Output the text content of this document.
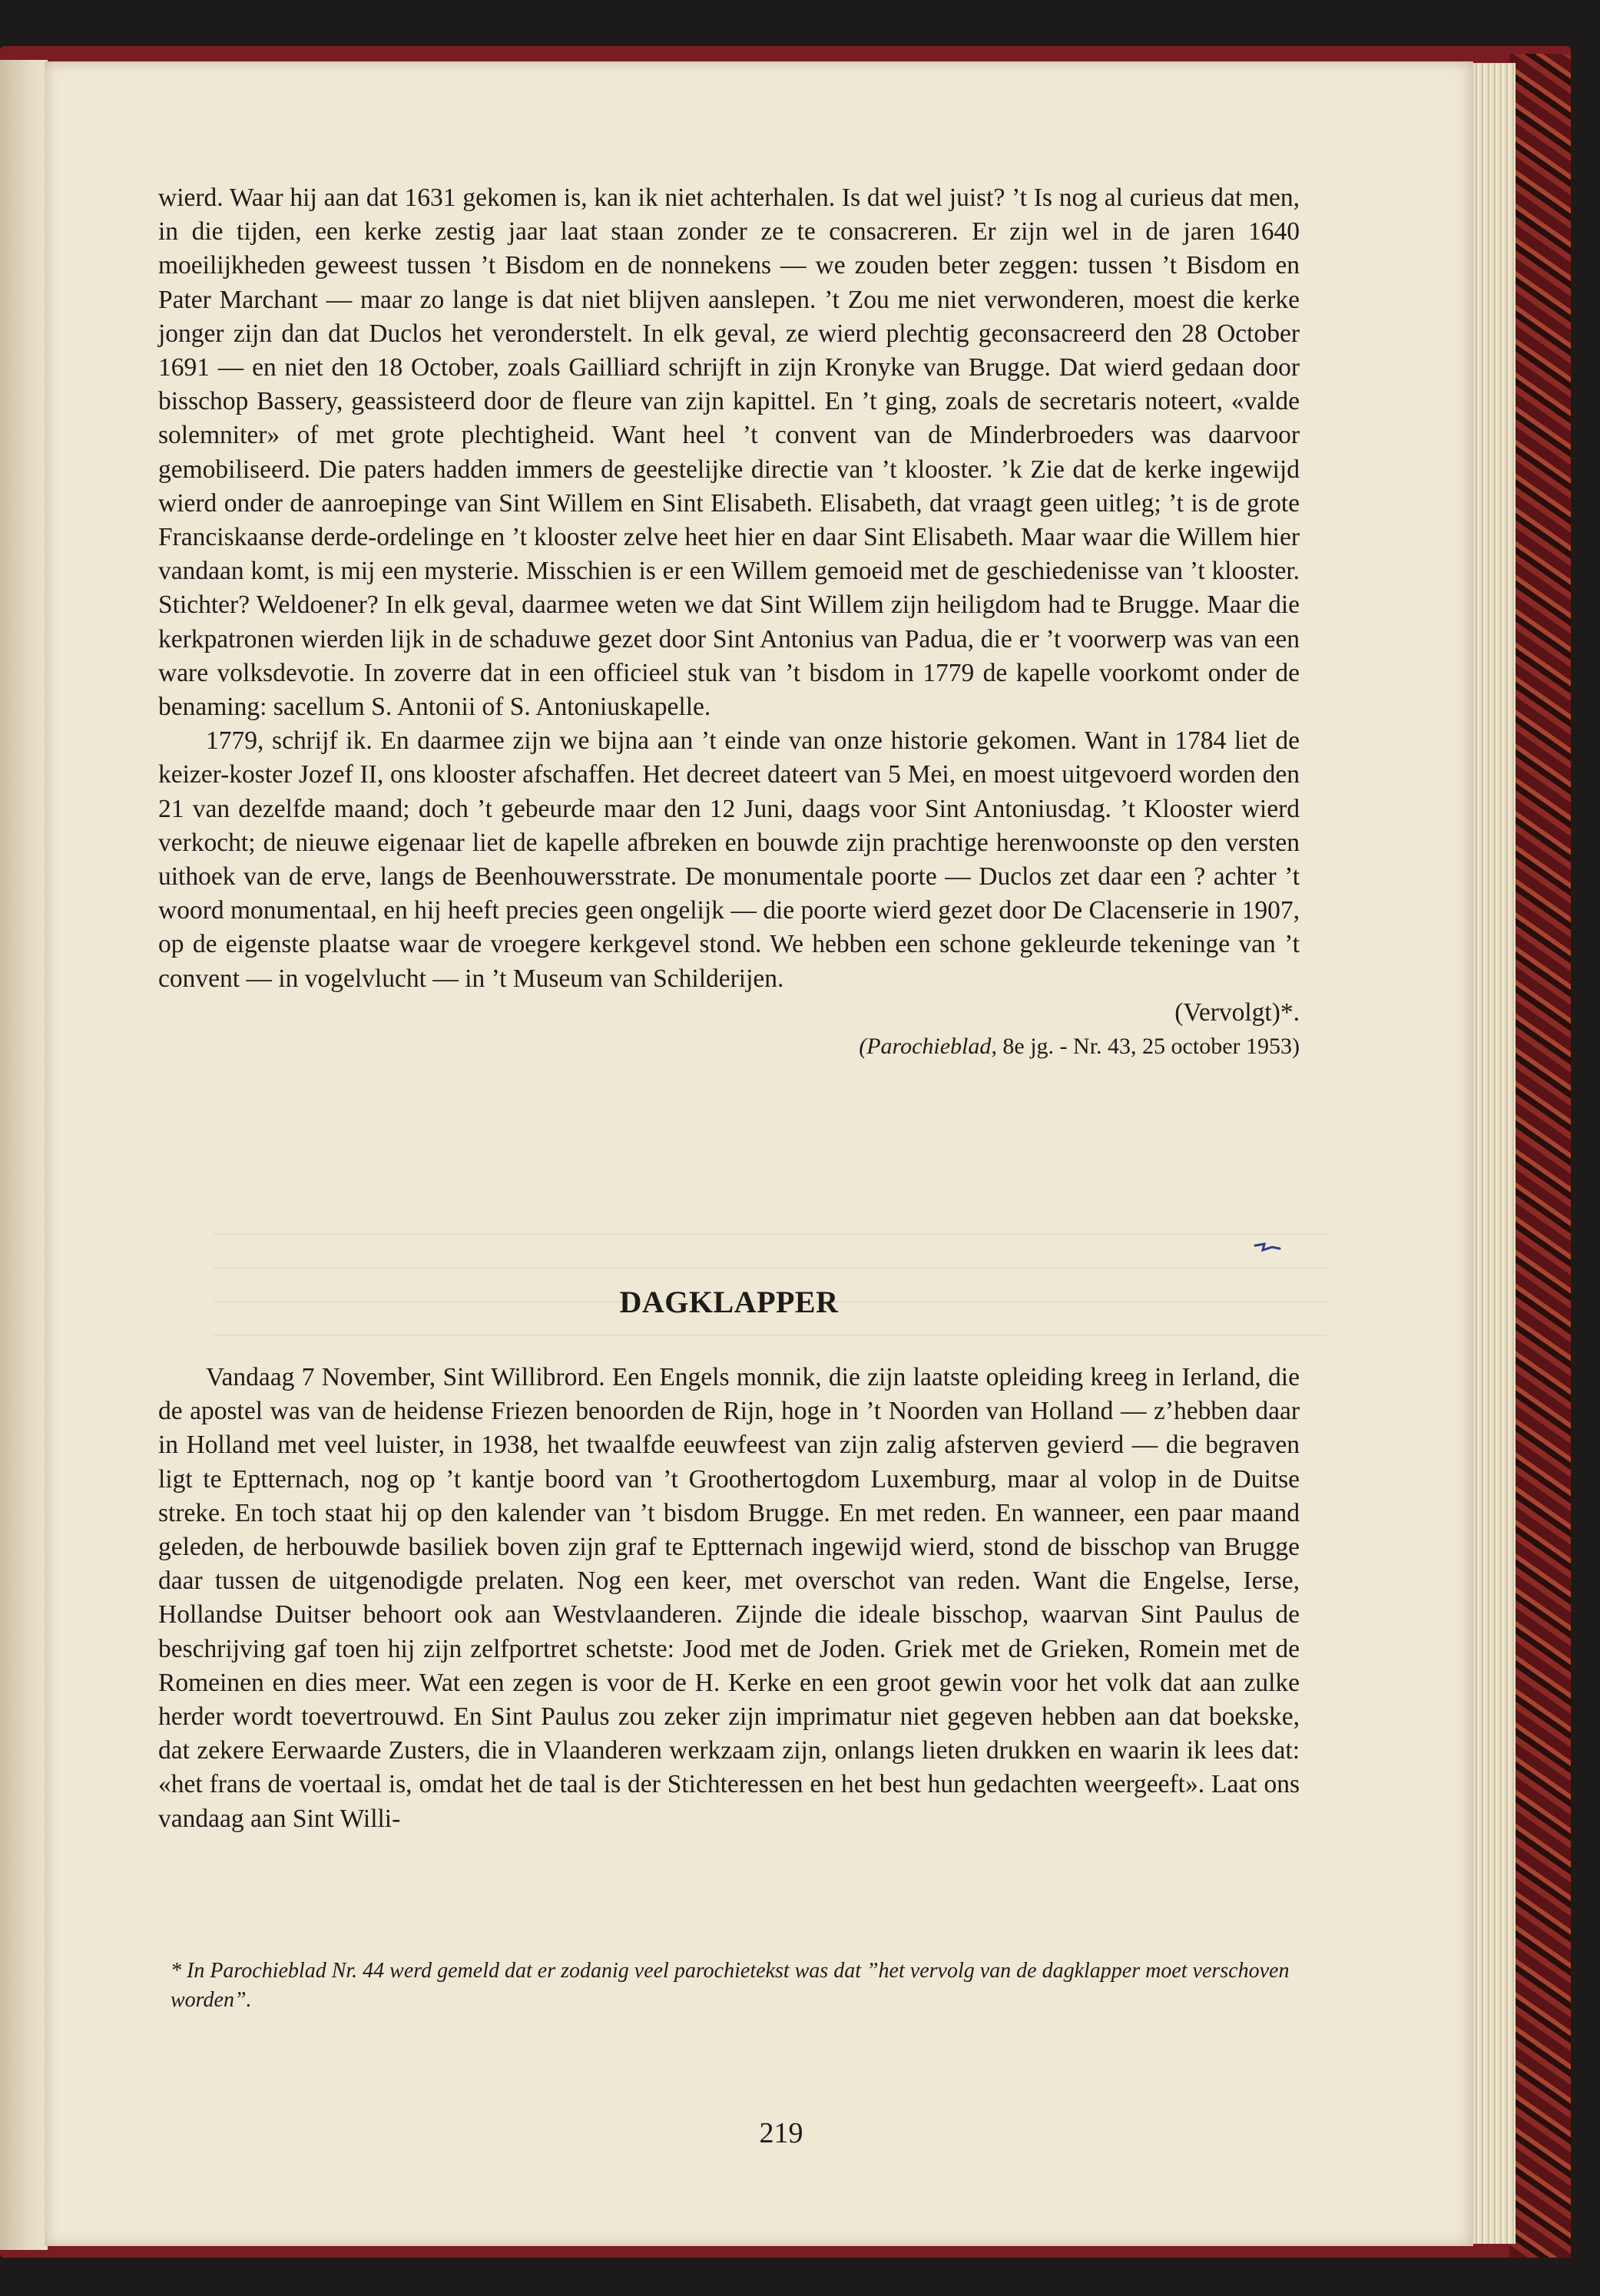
219

wierd. Waar hij aan dat 1631 gekomen is, kan ik niet achterhalen. Is dat wel juist? ’t Is nog al curieus dat men, in die tijden, een kerke zestig jaar laat staan zonder ze te consacreren. Er zijn wel in de jaren 1640 moeilijkheden geweest tussen ’t Bisdom en de nonnekens — we zouden beter zeggen: tussen ’t Bisdom en Pater Marchant — maar zo lange is dat niet blijven aanslepen. ’t Zou me niet verwonderen, moest die kerke jonger zijn dan dat Duclos het veronderstelt. In elk geval, ze wierd plechtig geconsacreerd den 28 October 1691 — en niet den 18 October, zoals Gailliard schrijft in zijn Kronyke van Brugge. Dat wierd gedaan door bisschop Bassery, geassisteerd door de fleure van zijn kapittel. En ’t ging, zoals de secretaris noteert, «valde solemniter» of met grote plechtigheid. Want heel ’t convent van de Minderbroeders was daarvoor gemobiliseerd. Die paters hadden immers de geestelijke directie van ’t klooster. ’k Zie dat de kerke ingewijd wierd onder de aanroepinge van Sint Willem en Sint Elisabeth. Elisabeth, dat vraagt geen uitleg; ’t is de grote Franciskaanse derde-ordelinge en ’t klooster zelve heet hier en daar Sint Elisabeth. Maar waar die Willem hier vandaan komt, is mij een mysterie. Misschien is er een Willem gemoeid met de geschiedenisse van ’t klooster. Stichter? Weldoener? In elk geval, daarmee weten we dat Sint Willem zijn heiligdom had te Brugge. Maar die kerkpatronen wierden lijk in de schaduwe gezet door Sint Antonius van Padua, die er ’t voorwerp was van een ware volksdevotie. In zoverre dat in een officieel stuk van ’t bisdom in 1779 de kapelle voorkomt onder de benaming: sacellum S. Antonii of S. Antoniuskapelle.

1779, schrijf ik. En daarmee zijn we bijna aan ’t einde van onze historie gekomen. Want in 1784 liet de keizer-koster Jozef II, ons klooster afschaffen. Het decreet dateert van 5 Mei, en moest uitgevoerd worden den 21 van dezelfde maand; doch ’t gebeurde maar den 12 Juni, daags voor Sint Antoniusdag. ’t Klooster wierd verkocht; de nieuwe eigenaar liet de kapelle afbreken en bouwde zijn prachtige herenwoonste op den versten uithoek van de erve, langs de Beenhouwersstrate. De monumentale poorte — Duclos zet daar een ? achter ’t woord monumentaal, en hij heeft precies geen ongelijk — die poorte wierd gezet door De Clacenserie in 1907, op de eigenste plaatse waar de vroegere kerkgevel stond. We hebben een schone gekleurde tekeninge van ’t convent — in vogelvlucht — in ’t Museum van Schilderijen.

(Vervolgt)*.

(Parochieblad, 8e jg. - Nr. 43, 25 october 1953)

DAGKLAPPER

Vandaag 7 November, Sint Willibrord. Een Engels monnik, die zijn laatste opleiding kreeg in Ierland, die de apostel was van de heidense Friezen benoorden de Rijn, hoge in ’t Noorden van Holland — z’hebben daar in Holland met veel luister, in 1938, het twaalfde eeuwfeest van zijn zalig afsterven gevierd — die begraven ligt te Eptternach, nog op ’t kantje boord van ’t Groothertogdom Luxemburg, maar al volop in de Duitse streke. En toch staat hij op den kalender van ’t bisdom Brugge. En met reden. En wanneer, een paar maand geleden, de herbouwde basiliek boven zijn graf te Eptternach ingewijd wierd, stond de bisschop van Brugge daar tussen de uitgenodigde prelaten. Nog een keer, met overschot van reden. Want die Engelse, Ierse, Hollandse Duitser behoort ook aan Westvlaanderen. Zijnde die ideale bisschop, waarvan Sint Paulus de beschrijving gaf toen hij zijn zelfportret schetste: Jood met de Joden. Griek met de Grieken, Romein met de Romeinen en dies meer. Wat een zegen is voor de H. Kerke en een groot gewin voor het volk dat aan zulke herder wordt toevertrouwd. En Sint Paulus zou zeker zijn imprimatur niet gegeven hebben aan dat boekske, dat zekere Eerwaarde Zusters, die in Vlaanderen werkzaam zijn, onlangs lieten drukken en waarin ik lees dat: «het frans de voertaal is, omdat het de taal is der Stichteressen en het best hun gedachten weergeeft». Laat ons vandaag aan Sint Willi-

* In Parochieblad Nr. 44 werd gemeld dat er zodanig veel parochietekst was dat ”het vervolg van de dagklapper moet verschoven worden”.
